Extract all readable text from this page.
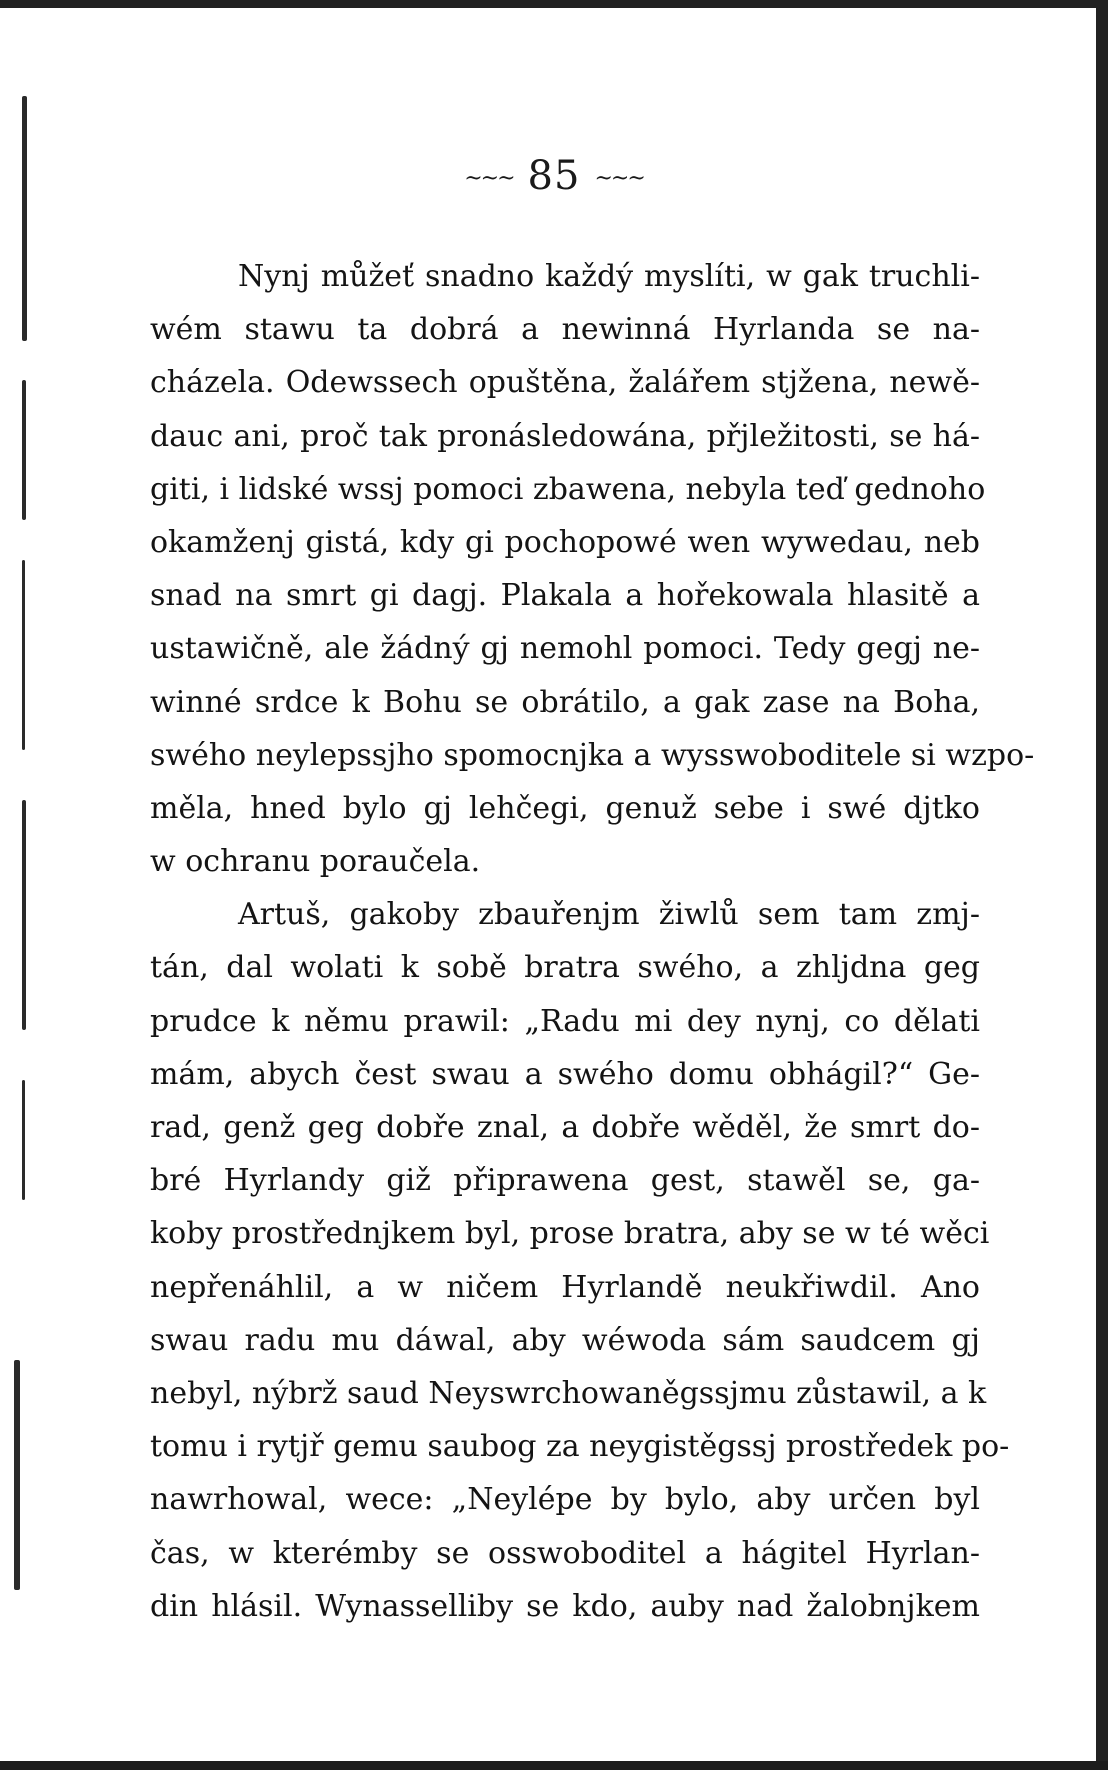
~~~ 85 ~~~
Nynj můžeť snadno každý myslíti, w gak truchli-
wém stawu ta dobrá a newinná Hyrlanda se na-
cházela. Odewssech opuštěna, žalářem stjžena, newě-
dauc ani, proč tak pronásledowána, přjležitosti, se há-
giti, i lidské wssj pomoci zbawena, nebyla teď gednoho
okamženj gistá, kdy gi pochopowé wen wywedau, neb
snad na smrt gi dagj. Plakala a hořekowala hlasitě a
ustawičně, ale žádný gj nemohl pomoci. Tedy gegj ne-
winné srdce k Bohu se obrátilo, a gak zase na Boha,
swého neylepssjho spomocnjka a wysswoboditele si wzpo-
měla, hned bylo gj lehčegi, genuž sebe i swé djtko
w ochranu poraučela.
Artuš, gakoby zbauřenjm žiwlů sem tam zmj-
tán, dal wolati k sobě bratra swého, a zhljdna geg
prudce k němu prawil: „Radu mi dey nynj, co dělati
mám, abych čest swau a swého domu obhágil?“ Ge-
rad, genž geg dobře znal, a dobře wěděl, že smrt do-
bré Hyrlandy giž připrawena gest, stawěl se, ga-
koby prostřednjkem byl, prose bratra, aby se w té wěci
nepřenáhlil, a w ničem Hyrlandě neukřiwdil. Ano
swau radu mu dáwal, aby wéwoda sám saudcem gj
nebyl, nýbrž saud Neyswrchowaněgssjmu zůstawil, a k
tomu i rytjř gemu saubog za neygistěgssj prostředek po-
nawrhowal, wece: „Neylépe by bylo, aby určen byl
čas, w kterémby se osswoboditel a hágitel Hyrlan-
din hlásil. Wynasselliby se kdo, auby nad žalobnjkem
